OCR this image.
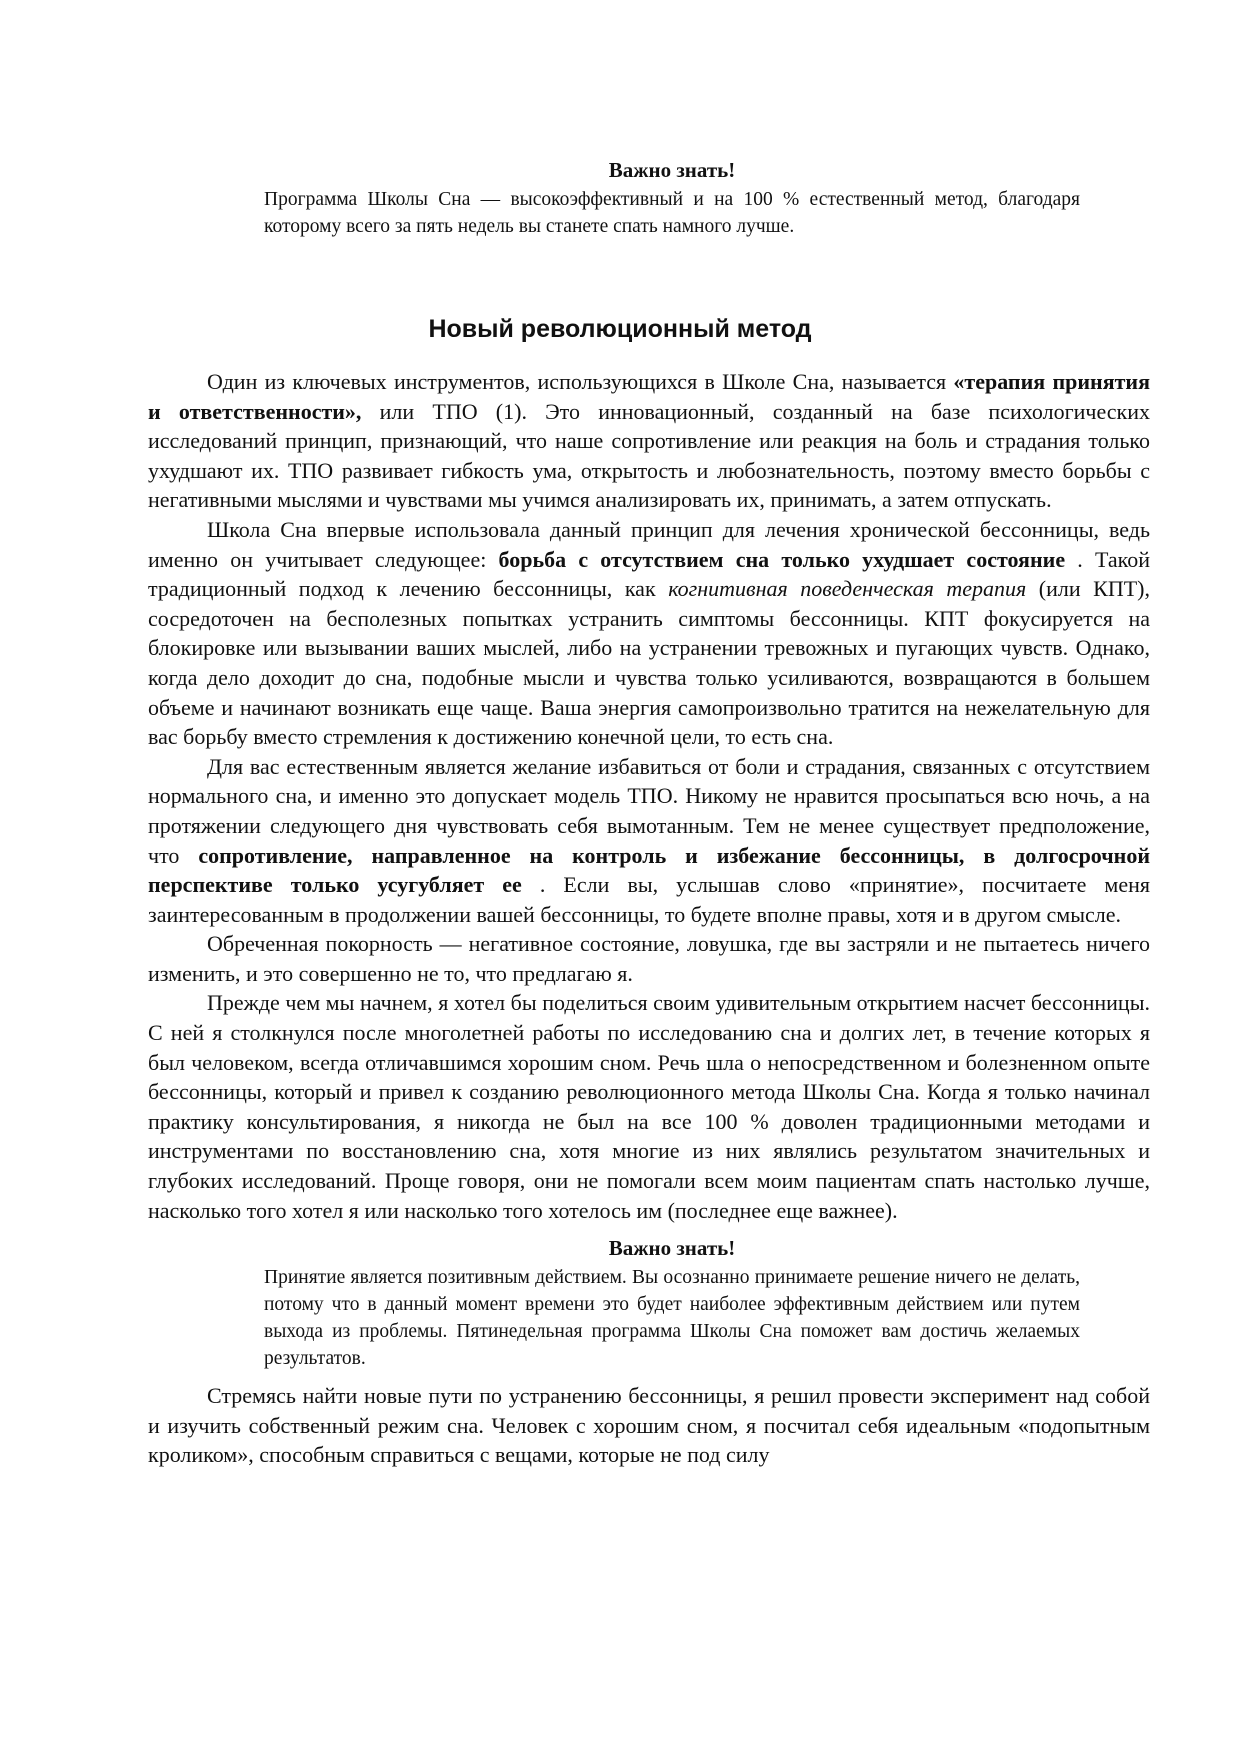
Важно знать!

Программа Школы Сна — высокоэффективный и на 100 % естественный метод, благодаря которому всего за пять недель вы станете спать намного лучше.

Новый революционный метод

Один из ключевых инструментов, использующихся в Школе Сна, называется «терапия принятия и ответственности», или ТПО (1). Это инновационный, созданный на базе психологических исследований принцип, признающий, что наше сопротивление или реакция на боль и страдания только ухудшают их. ТПО развивает гибкость ума, открытость и любознательность, поэтому вместо борьбы с негативными мыслями и чувствами мы учимся анализировать их, принимать, а затем отпускать.

Школа Сна впервые использовала данный принцип для лечения хронической бессонницы, ведь именно он учитывает следующее: борьба с отсутствием сна только ухудшает состояние . Такой традиционный подход к лечению бессонницы, как когнитивная поведенческая терапия (или КПТ), сосредоточен на бесполезных попытках устранить симптомы бессонницы. КПТ фокусируется на блокировке или вызывании ваших мыслей, либо на устранении тревожных и пугающих чувств. Однако, когда дело доходит до сна, подобные мысли и чувства только усиливаются, возвращаются в большем объеме и начинают возникать еще чаще. Ваша энергия самопроизвольно тратится на нежелательную для вас борьбу вместо стремления к достижению конечной цели, то есть сна.

Для вас естественным является желание избавиться от боли и страдания, связанных с отсутствием нормального сна, и именно это допускает модель ТПО. Никому не нравится просыпаться всю ночь, а на протяжении следующего дня чувствовать себя вымотанным. Тем не менее существует предположение, что сопротивление, направленное на контроль и избежание бессонницы, в долгосрочной перспективе только усугубляет ее . Если вы, услышав слово «принятие», посчитаете меня заинтересованным в продолжении вашей бессонницы, то будете вполне правы, хотя и в другом смысле.

Обреченная покорность — негативное состояние, ловушка, где вы застряли и не пытаетесь ничего изменить, и это совершенно не то, что предлагаю я.

Прежде чем мы начнем, я хотел бы поделиться своим удивительным открытием насчет бессонницы. С ней я столкнулся после многолетней работы по исследованию сна и долгих лет, в течение которых я был человеком, всегда отличавшимся хорошим сном. Речь шла о непосредственном и болезненном опыте бессонницы, который и привел к созданию революционного метода Школы Сна. Когда я только начинал практику консультирования, я никогда не был на все 100 % доволен традиционными методами и инструментами по восстановлению сна, хотя многие из них являлись результатом значительных и глубоких исследований. Проще говоря, они не помогали всем моим пациентам спать настолько лучше, насколько того хотел я или насколько того хотелось им (последнее еще важнее).

Важно знать!

Принятие является позитивным действием. Вы осознанно принимаете решение ничего не делать, потому что в данный момент времени это будет наиболее эффективным действием или путем выхода из проблемы. Пятинедельная программа Школы Сна поможет вам достичь желаемых результатов.

Стремясь найти новые пути по устранению бессонницы, я решил провести эксперимент над собой и изучить собственный режим сна. Человек с хорошим сном, я посчитал себя идеальным «подопытным кроликом», способным справиться с вещами, которые не под силу
